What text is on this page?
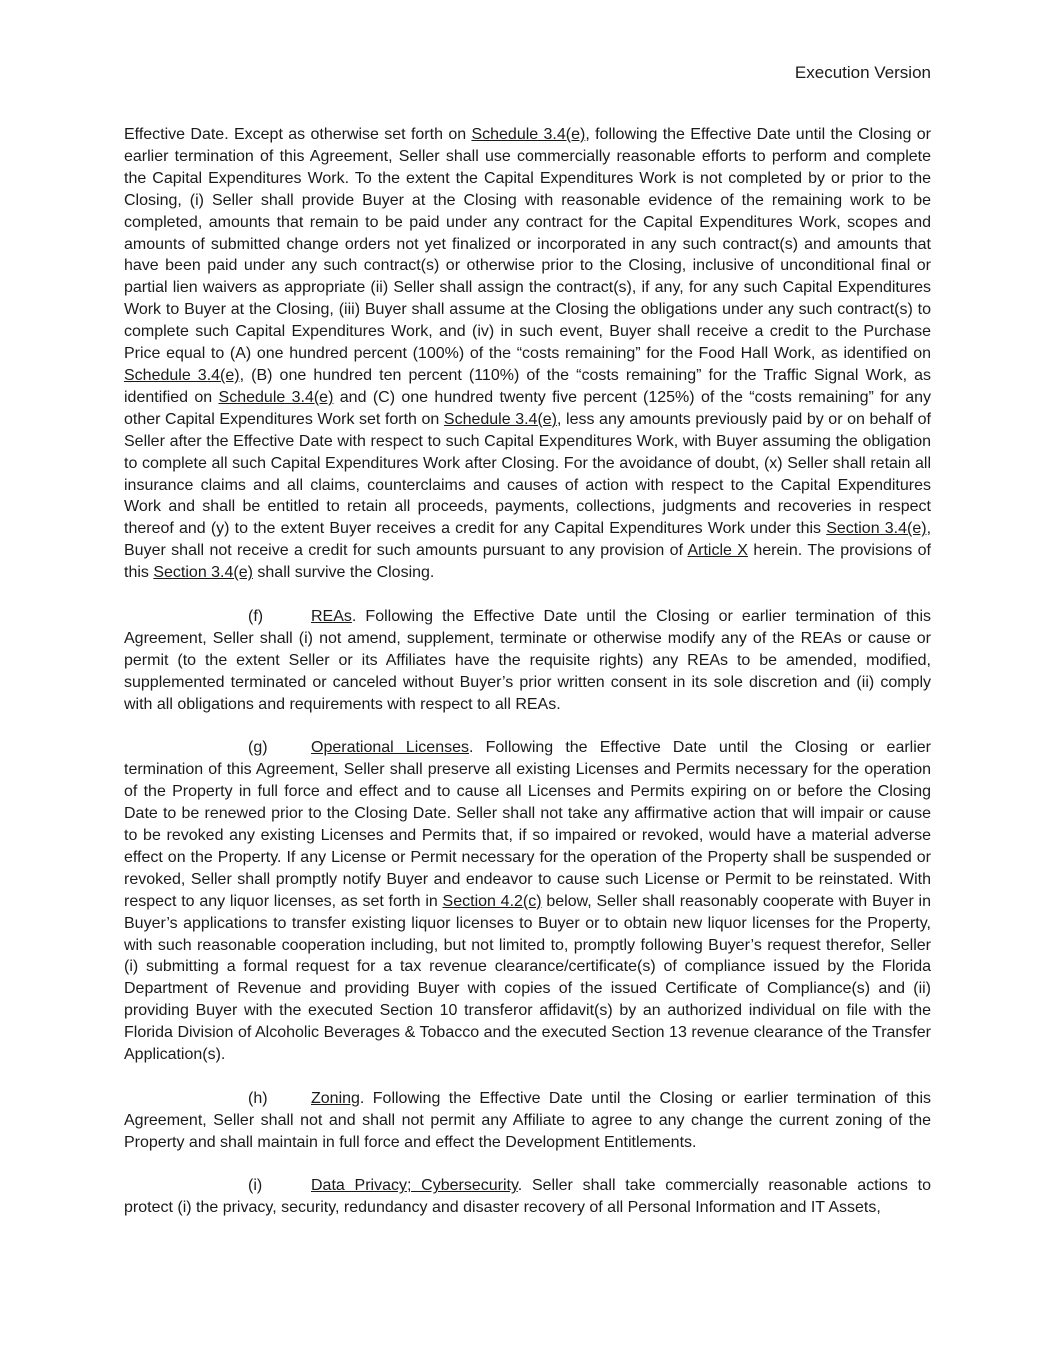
Execution Version

Effective Date. Except as otherwise set forth on Schedule 3.4(e), following the Effective Date until the Closing or earlier termination of this Agreement, Seller shall use commercially reasonable efforts to perform and complete the Capital Expenditures Work. To the extent the Capital Expenditures Work is not completed by or prior to the Closing, (i) Seller shall provide Buyer at the Closing with reasonable evidence of the remaining work to be completed, amounts that remain to be paid under any contract for the Capital Expenditures Work, scopes and amounts of submitted change orders not yet finalized or incorporated in any such contract(s) and amounts that have been paid under any such contract(s) or otherwise prior to the Closing, inclusive of unconditional final or partial lien waivers as appropriate (ii) Seller shall assign the contract(s), if any, for any such Capital Expenditures Work to Buyer at the Closing, (iii) Buyer shall assume at the Closing the obligations under any such contract(s) to complete such Capital Expenditures Work, and (iv) in such event, Buyer shall receive a credit to the Purchase Price equal to (A) one hundred percent (100%) of the “costs remaining” for the Food Hall Work, as identified on Schedule 3.4(e), (B) one hundred ten percent (110%) of the “costs remaining” for the Traffic Signal Work, as identified on Schedule 3.4(e) and (C) one hundred twenty five percent (125%) of the “costs remaining” for any other Capital Expenditures Work set forth on Schedule 3.4(e), less any amounts previously paid by or on behalf of Seller after the Effective Date with respect to such Capital Expenditures Work, with Buyer assuming the obligation to complete all such Capital Expenditures Work after Closing. For the avoidance of doubt, (x) Seller shall retain all insurance claims and all claims, counterclaims and causes of action with respect to the Capital Expenditures Work and shall be entitled to retain all proceeds, payments, collections, judgments and recoveries in respect thereof and (y) to the extent Buyer receives a credit for any Capital Expenditures Work under this Section 3.4(e), Buyer shall not receive a credit for such amounts pursuant to any provision of Article X herein. The provisions of this Section 3.4(e) shall survive the Closing.

(f)	REAs. Following the Effective Date until the Closing or earlier termination of this Agreement, Seller shall (i) not amend, supplement, terminate or otherwise modify any of the REAs or cause or permit (to the extent Seller or its Affiliates have the requisite rights) any REAs to be amended, modified, supplemented terminated or canceled without Buyer’s prior written consent in its sole discretion and (ii) comply with all obligations and requirements with respect to all REAs.

(g)	Operational Licenses. Following the Effective Date until the Closing or earlier termination of this Agreement, Seller shall preserve all existing Licenses and Permits necessary for the operation of the Property in full force and effect and to cause all Licenses and Permits expiring on or before the Closing Date to be renewed prior to the Closing Date. Seller shall not take any affirmative action that will impair or cause to be revoked any existing Licenses and Permits that, if so impaired or revoked, would have a material adverse effect on the Property. If any License or Permit necessary for the operation of the Property shall be suspended or revoked, Seller shall promptly notify Buyer and endeavor to cause such License or Permit to be reinstated. With respect to any liquor licenses, as set forth in Section 4.2(c) below, Seller shall reasonably cooperate with Buyer in Buyer’s applications to transfer existing liquor licenses to Buyer or to obtain new liquor licenses for the Property, with such reasonable cooperation including, but not limited to, promptly following Buyer’s request therefor, Seller (i) submitting a formal request for a tax revenue clearance/certificate(s) of compliance issued by the Florida Department of Revenue and providing Buyer with copies of the issued Certificate of Compliance(s) and (ii) providing Buyer with the executed Section 10 transferor affidavit(s) by an authorized individual on file with the Florida Division of Alcoholic Beverages & Tobacco and the executed Section 13 revenue clearance of the Transfer Application(s).

(h)	Zoning. Following the Effective Date until the Closing or earlier termination of this Agreement, Seller shall not and shall not permit any Affiliate to agree to any change the current zoning of the Property and shall maintain in full force and effect the Development Entitlements.

(i)	Data Privacy; Cybersecurity. Seller shall take commercially reasonable actions to protect (i) the privacy, security, redundancy and disaster recovery of all Personal Information and IT Assets,
